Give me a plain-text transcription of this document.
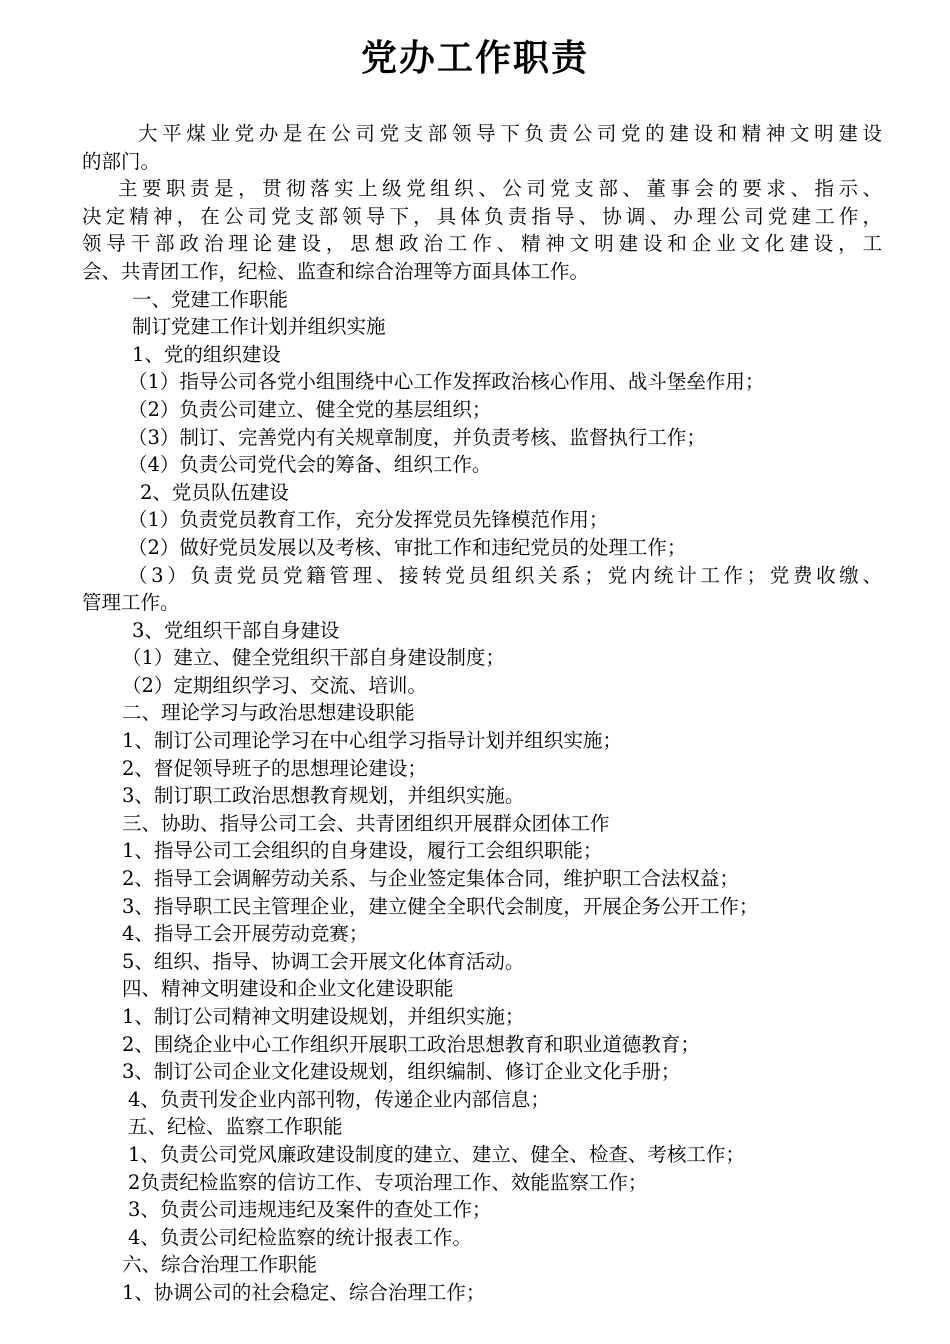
党办工作职责
大平煤业党办是在公司党支部领导下负责公司党的建设和精神文明建设
的部门。
主要职责是，贯彻落实上级党组织、公司党支部、董事会的要求、指示、
决定精神，在公司党支部领导下，具体负责指导、协调、办理公司党建工作，
领导干部政治理论建设，思想政治工作、精神文明建设和企业文化建设，工
会、共青团工作，纪检、监查和综合治理等方面具体工作。
一、党建工作职能
制订党建工作计划并组织实施
1、党的组织建设
（1）指导公司各党小组围绕中心工作发挥政治核心作用、战斗堡垒作用；
（2）负责公司建立、健全党的基层组织；
（3）制订、完善党内有关规章制度，并负责考核、监督执行工作；
（4）负责公司党代会的筹备、组织工作。
2、党员队伍建设
（1）负责党员教育工作，充分发挥党员先锋模范作用；
（2）做好党员发展以及考核、审批工作和违纪党员的处理工作；
（3）负责党员党籍管理、接转党员组织关系；党内统计工作；党费收缴、
管理工作。
3、党组织干部自身建设
（1）建立、健全党组织干部自身建设制度；
（2）定期组织学习、交流、培训。
二、理论学习与政治思想建设职能
1、制订公司理论学习在中心组学习指导计划并组织实施；
2、督促领导班子的思想理论建设；
3、制订职工政治思想教育规划，并组织实施。
三、协助、指导公司工会、共青团组织开展群众团体工作
1、指导公司工会组织的自身建设，履行工会组织职能；
2、指导工会调解劳动关系、与企业签定集体合同，维护职工合法权益；
3、指导职工民主管理企业，建立健全全职代会制度，开展企务公开工作；
4、指导工会开展劳动竞赛；
5、组织、指导、协调工会开展文化体育活动。
四、精神文明建设和企业文化建设职能
1、制订公司精神文明建设规划，并组织实施；
2、围绕企业中心工作组织开展职工政治思想教育和职业道德教育；
3、制订公司企业文化建设规划，组织编制、修订企业文化手册；
4、负责刊发企业内部刊物，传递企业内部信息；
五、纪检、监察工作职能
1、负责公司党风廉政建设制度的建立、建立、健全、检查、考核工作；
2负责纪检监察的信访工作、专项治理工作、效能监察工作；
3、负责公司违规违纪及案件的查处工作；
4、负责公司纪检监察的统计报表工作。
六、综合治理工作职能
1、协调公司的社会稳定、综合治理工作；
